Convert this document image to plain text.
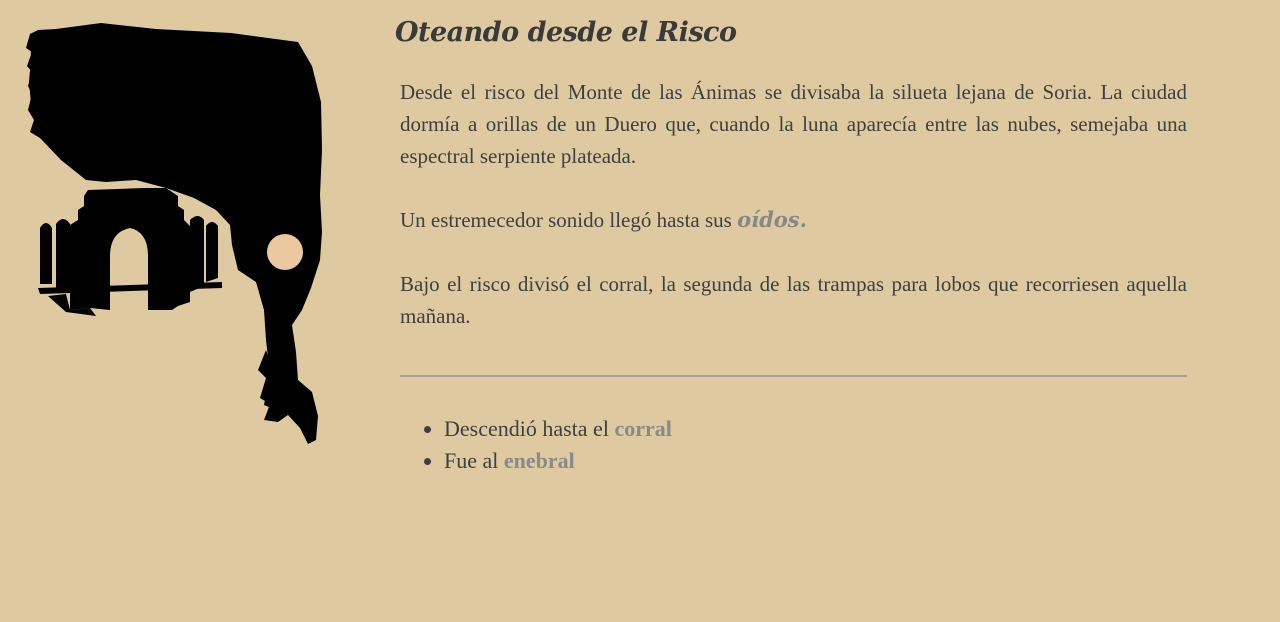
Oteando desde el Risco

Desde el risco del Monte de las Ánimas se divisaba la silueta lejana de Soria. La ciudad dormía a orillas de un Duero que, cuando la luna aparecía entre las nubes, semejaba una espectral serpiente plateada.

Un estremecedor sonido llegó hasta sus oídos.

Bajo el risco divisó el corral, la segunda de las trampas para lobos que recorriesen aquella mañana.

• Descendió hasta el corral
• Fue al enebral
